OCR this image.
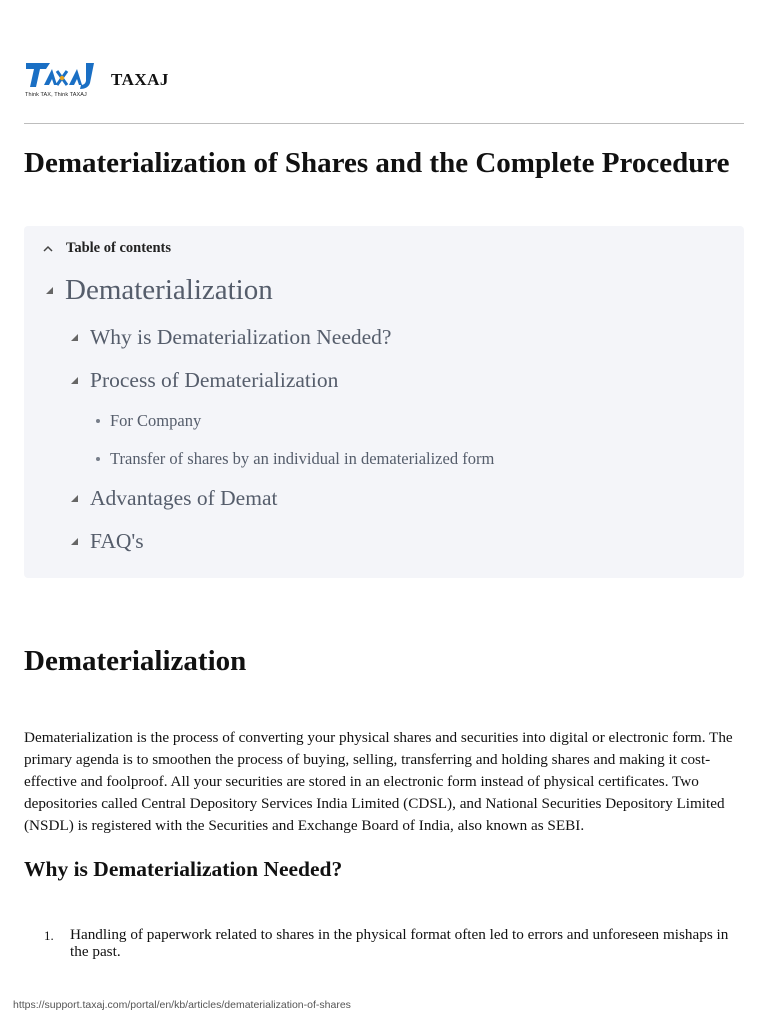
Think TAX, Think TAXAJ
TAXAJ
Dematerialization of Shares and the Complete Procedure
Table of contents
Dematerialization
Why is Dematerialization Needed?
Process of Dematerialization
For Company
Transfer of shares by an individual in dematerialized form
Advantages of Demat
FAQ's
Dematerialization

Dematerialization is the process of converting your physical shares and securities into digital or electronic form. The primary agenda is to smoothen the process of buying, selling, transferring and holding shares and making it cost-effective and foolproof. All your securities are stored in an electronic form instead of physical certificates. Two depositories called Central Depository Services India Limited (CDSL), and National Securities Depository Limited (NSDL) is registered with the Securities and Exchange Board of India, also known as SEBI.

Why is Dematerialization Needed?
1.	Handling of paperwork related to shares in the physical format often led to errors and unforeseen mishaps in the past.
https://support.taxaj.com/portal/en/kb/articles/dematerialization-of-shares
